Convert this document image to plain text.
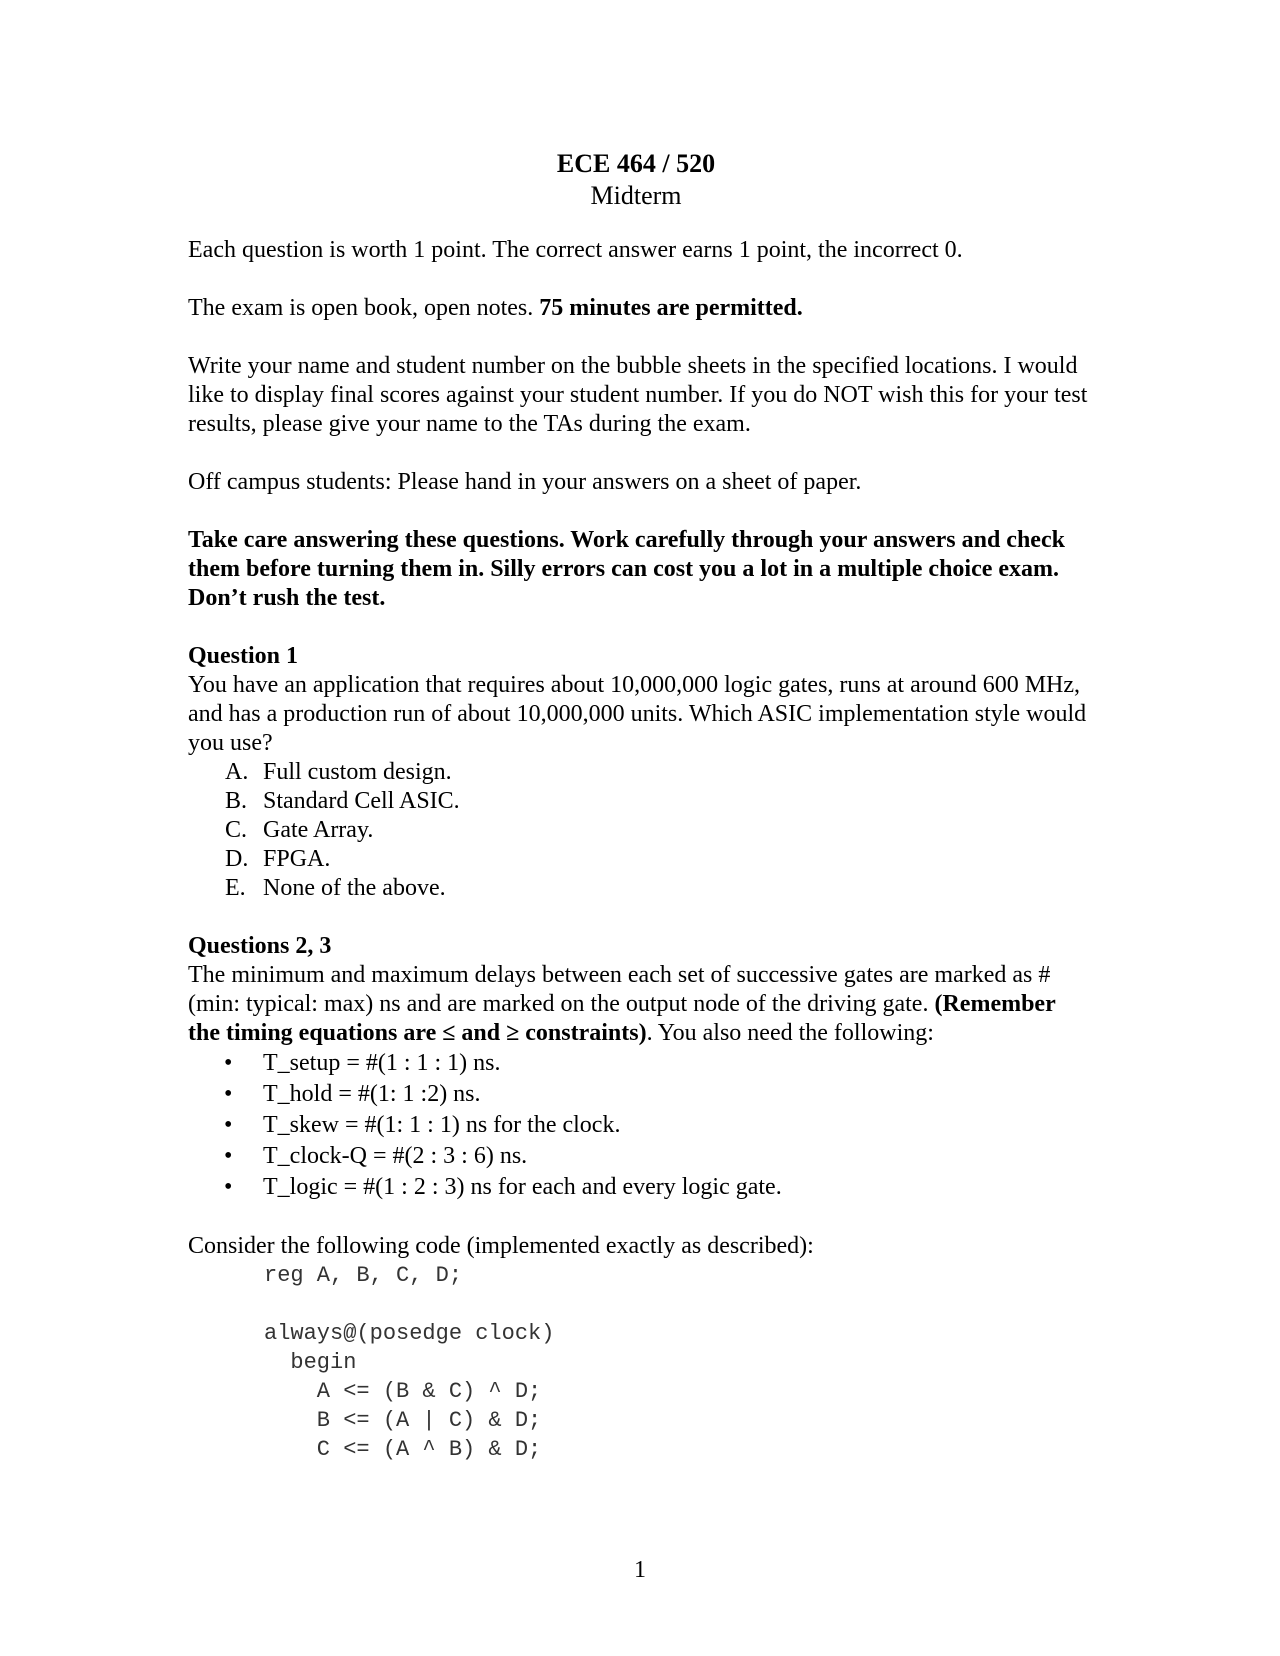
ECE 464 / 520
Midterm

Each question is worth 1 point. The correct answer earns 1 point, the incorrect 0.

The exam is open book, open notes. 75 minutes are permitted.

Write your name and student number on the bubble sheets in the specified locations. I would like to display final scores against your student number. If you do NOT wish this for your test results, please give your name to the TAs during the exam.

Off campus students: Please hand in your answers on a sheet of paper.

Take care answering these questions. Work carefully through your answers and check them before turning them in. Silly errors can cost you a lot in a multiple choice exam. Don’t rush the test.

Question 1
You have an application that requires about 10,000,000 logic gates, runs at around 600 MHz, and has a production run of about 10,000,000 units. Which ASIC implementation style would you use?
A. Full custom design.
B. Standard Cell ASIC.
C. Gate Array.
D. FPGA.
E. None of the above.
Questions 2, 3
The minimum and maximum delays between each set of successive gates are marked as #(min: typical: max) ns and are marked on the output node of the driving gate. (Remember the timing equations are ≤ and ≥ constraints). You also need the following:
•	T_setup = #(1 : 1 : 1) ns.
•	T_hold = #(1: 1 :2) ns.
•	T_skew = #(1: 1 : 1) ns for the clock.
•	T_clock-Q = #(2 : 3 : 6) ns.
•	T_logic = #(1 : 2 : 3) ns for each and every logic gate.
Consider the following code (implemented exactly as described):
reg A, B, C, D;

always@(posedge clock)
begin
A <= (B & C) ^ D;
B <= (A | C) & D;
C <= (A ^ B) & D;
1
